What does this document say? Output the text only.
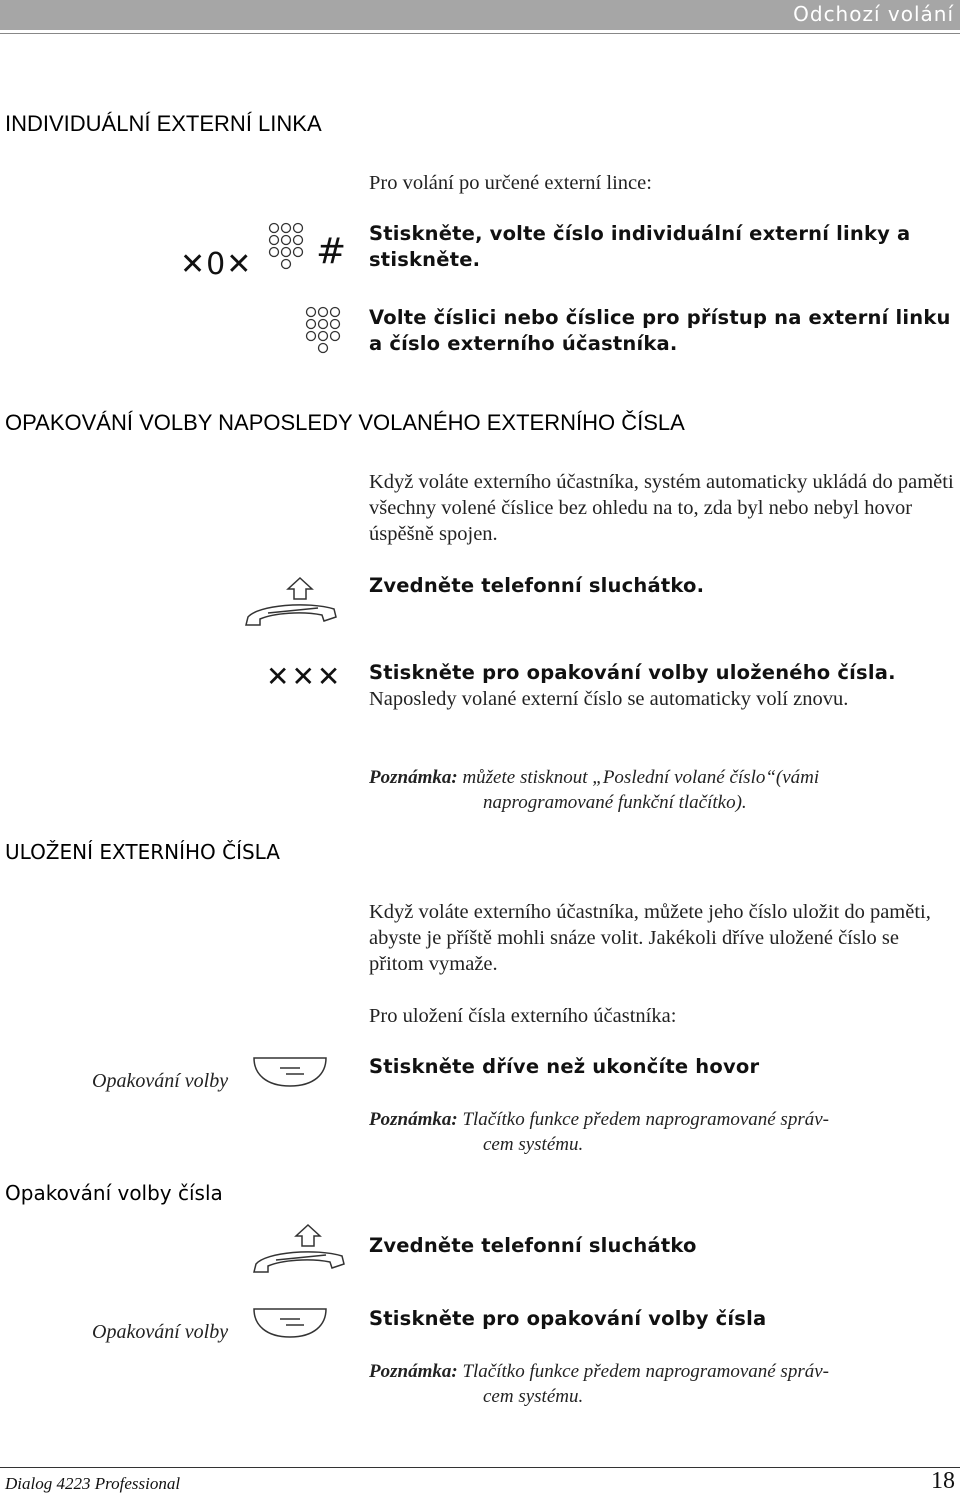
Odchozí volání
INDIVIDUÁLNÍ EXTERNÍ LINKA
Pro volání po určené externí lince:
✕0✕ # Stiskněte, volte číslo individuální externí linky a stiskněte.
Volte číslici nebo číslice pro přístup na externí linku a číslo externího účastníka.
OPAKOVÁNÍ VOLBY NAPOSLEDY VOLANÉHO EXTERNÍHO ČÍSLA
Když voláte externího účastníka, systém automaticky ukládá do paměti všechny volené číslice bez ohledu na to, zda byl nebo nebyl hovor úspěšně spojen.
Zvedněte telefonní sluchátko.
✕✕✕ Stiskněte pro opakování volby uloženého čísla.
Naposledy volané externí číslo se automaticky volí znovu.
Poznámka: můžete stisknout „Poslední volané číslo“(vámi
naprogramované funkční tlačítko).
ULOŽENÍ EXTERNÍHO ČÍSLA
Když voláte externího účastníka, můžete jeho číslo uložit do paměti, abyste je příště mohli snáze volit. Jakékoli dříve uložené číslo se přitom vymaže.
Pro uložení čísla externího účastníka:
Opakování volby
Stiskněte dříve než ukončíte hovor
Poznámka: Tlačítko funkce předem naprogramované správ-
cem systému.
Opakování volby čísla
Zvedněte telefonní sluchátko
Opakování volby
Stiskněte pro opakování volby čísla
Poznámka: Tlačítko funkce předem naprogramované správ-
cem systému.
Dialog 4223 Professional	18
